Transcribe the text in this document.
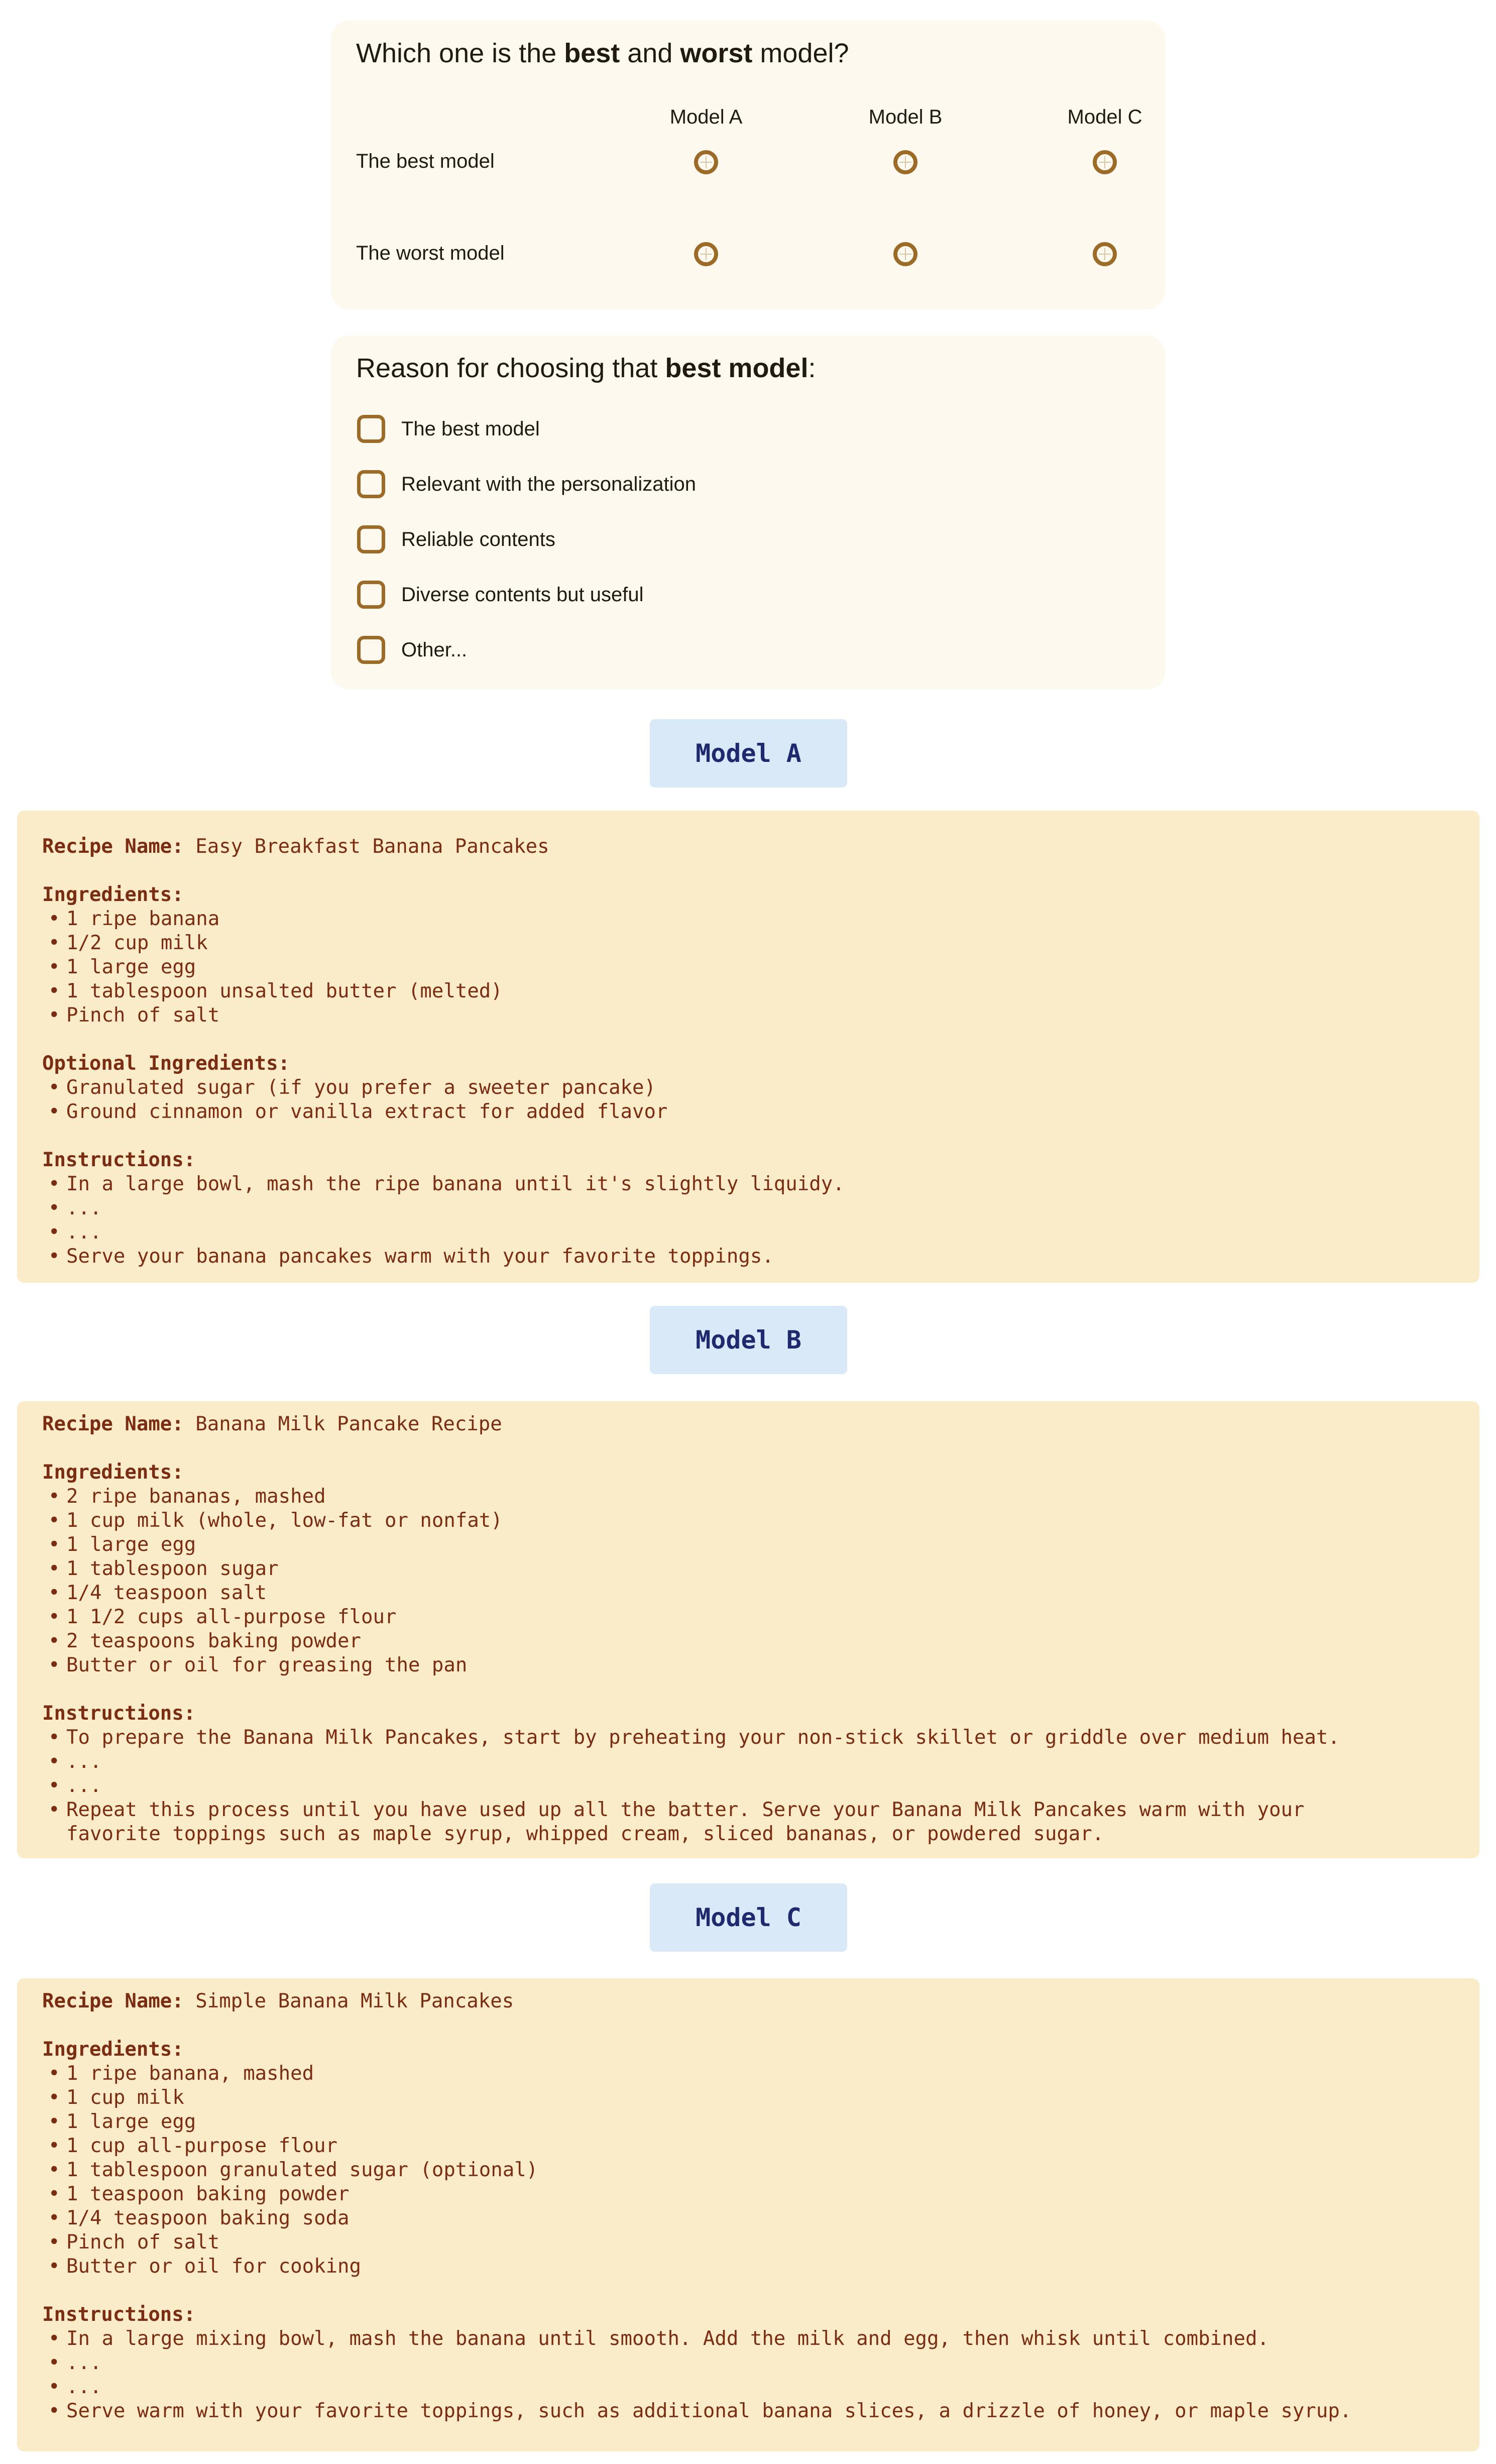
Which one is the best and worst model?
Model A	Model B	Model C
The best model
The worst model
Reason for choosing that best model:
The best model
Relevant with the personalization
Reliable contents
Diverse contents but useful
Other...
Model A
Recipe Name: Easy Breakfast Banana Pancakes
Ingredients:
• 1 ripe banana
• 1/2 cup milk
• 1 large egg
• 1 tablespoon unsalted butter (melted)
• Pinch of salt
Optional Ingredients:
• Granulated sugar (if you prefer a sweeter pancake)
• Ground cinnamon or vanilla extract for added flavor
Instructions:
• In a large bowl, mash the ripe banana until it's slightly liquidy.
• ...
• ...
• Serve your banana pancakes warm with your favorite toppings.
Model B
Recipe Name: Banana Milk Pancake Recipe
Ingredients:
• 2 ripe bananas, mashed
• 1 cup milk (whole, low-fat or nonfat)
• 1 large egg
• 1 tablespoon sugar
• 1/4 teaspoon salt
• 1 1/2 cups all-purpose flour
• 2 teaspoons baking powder
• Butter or oil for greasing the pan
Instructions:
• To prepare the Banana Milk Pancakes, start by preheating your non-stick skillet or griddle over medium heat.
• ...
• ...
• Repeat this process until you have used up all the batter. Serve your Banana Milk Pancakes warm with your
favorite toppings such as maple syrup, whipped cream, sliced bananas, or powdered sugar.
Model C
Recipe Name: Simple Banana Milk Pancakes
Ingredients:
• 1 ripe banana, mashed
• 1 cup milk
• 1 large egg
• 1 cup all-purpose flour
• 1 tablespoon granulated sugar (optional)
• 1 teaspoon baking powder
• 1/4 teaspoon baking soda
• Pinch of salt
• Butter or oil for cooking
Instructions:
• In a large mixing bowl, mash the banana until smooth. Add the milk and egg, then whisk until combined.
• ...
• ...
• Serve warm with your favorite toppings, such as additional banana slices, a drizzle of honey, or maple syrup.
